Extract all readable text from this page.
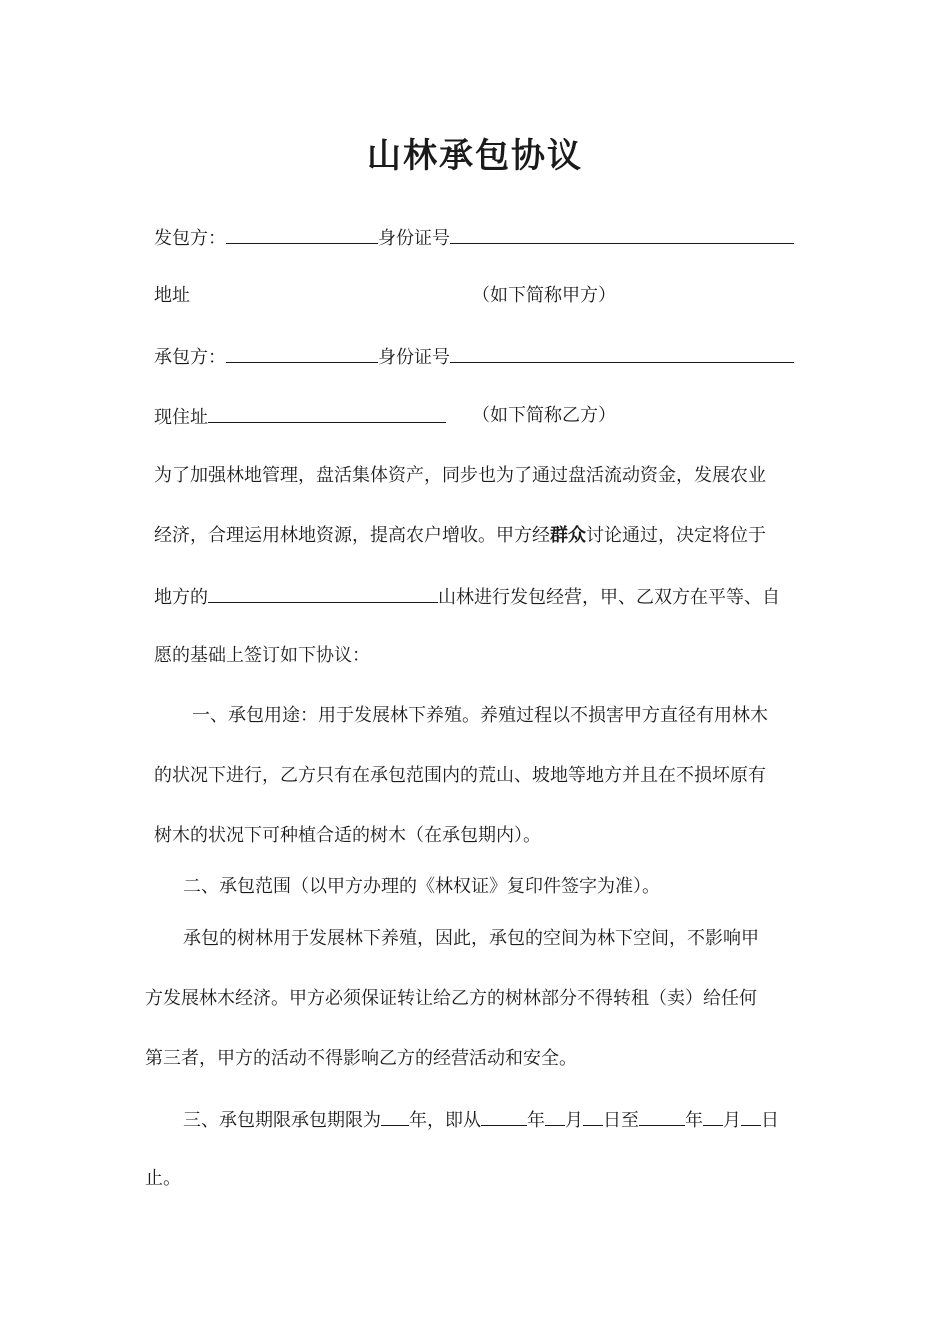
山林承包协议
发包方：	身份证号
地址	（如下简称甲方）
承包方：	身份证号
现住址	（如下简称乙方）
为了加强林地管理，盘活集体资产，同步也为了通过盘活流动资金，发展农业
经济，合理运用林地资源，提高农户增收。甲方经群众讨论通过，决定将位于
地方的	山林进行发包经营，甲、乙双方在平等、自
愿的基础上签订如下协议：
一、承包用途：用于发展林下养殖。养殖过程以不损害甲方直径有用林木
的状况下进行，乙方只有在承包范围内的荒山、坡地等地方并且在不损坏原有
树木的状况下可种植合适的树木（在承包期内）。
二、承包范围（以甲方办理的《林权证》复印件签字为准）。
承包的树林用于发展林下养殖，因此，承包的空间为林下空间，不影响甲
方发展林木经济。甲方必须保证转让给乙方的树林部分不得转租（卖）给任何
第三者，甲方的活动不得影响乙方的经营活动和安全。
三、承包期限承包期限为 年，即从	年 月 日至	年 月 日
止。
